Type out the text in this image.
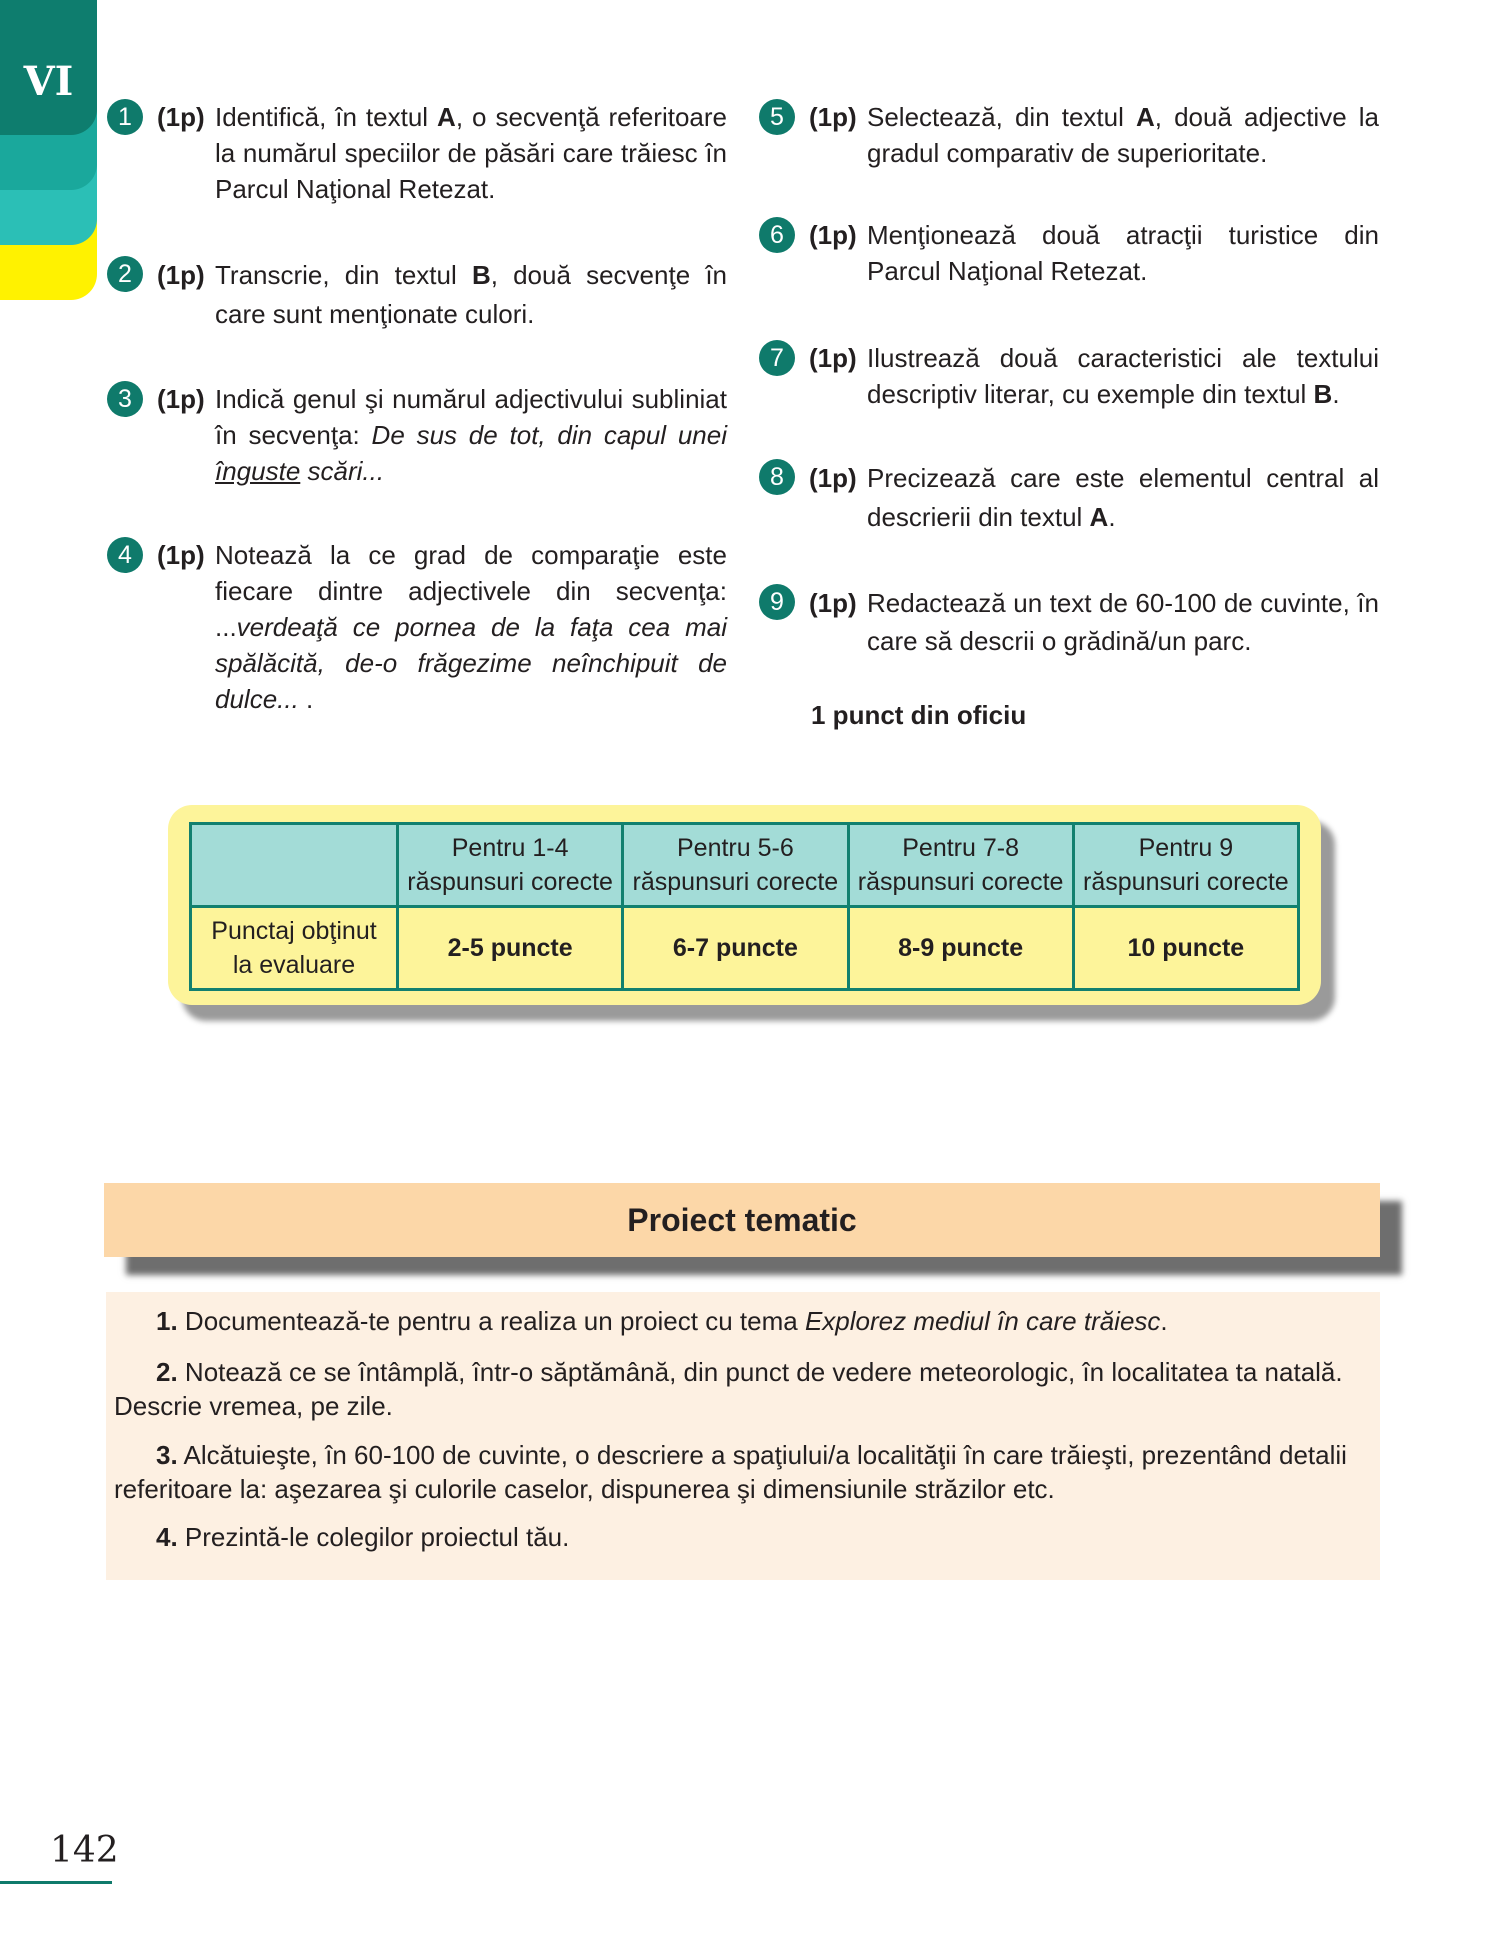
VI
1 (1p) Identifică, în textul A, o secvenţă referitoare la numărul speciilor de păsări care trăiesc în Parcul Naţional Retezat.
2 (1p) Transcrie, din textul B, două secvenţe în care sunt menţionate culori.
3 (1p) Indică genul şi numărul adjectivului subliniat în secvenţa: De sus de tot, din capul unei înguste scări...
4 (1p) Notează la ce grad de comparaţie este fiecare dintre adjectivele din secvenţa: ...verdeaţă ce pornea de la faţa cea mai spălăcită, de-o frăgezime neînchipuit de dulce... .
5 (1p) Selectează, din textul A, două adjective la gradul comparativ de superioritate.
6 (1p) Menţionează două atracţii turistice din Parcul Naţional Retezat.
7 (1p) Ilustrează două caracteristici ale textului descriptiv literar, cu exemple din textul B.
8 (1p) Precizează care este elementul central al descrierii din textul A.
9 (1p) Redactează un text de 60-100 de cuvinte, în care să descrii o grădină/un parc.
1 punct din oficiu
	Pentru 1-4
răspunsuri corecte	Pentru 5-6
răspunsuri corecte	Pentru 7-8
răspunsuri corecte	Pentru 9
răspunsuri corecte
Punctaj obţinut
la evaluare	2-5 puncte	6-7 puncte	8-9 puncte	10 puncte
Proiect tematic

1. Documentează-te pentru a realiza un proiect cu tema Explorez mediul în care trăiesc.

2. Notează ce se întâmplă, într-o săptămână, din punct de vedere meteorologic, în localitatea ta natală. Descrie vremea, pe zile.

3. Alcătuieşte, în 60-100 de cuvinte, o descriere a spaţiului/a localităţii în care trăieşti, prezentând detalii referitoare la: aşezarea şi culorile caselor, dispunerea şi dimensiunile străzilor etc.

4. Prezintă-le colegilor proiectul tău.

142
